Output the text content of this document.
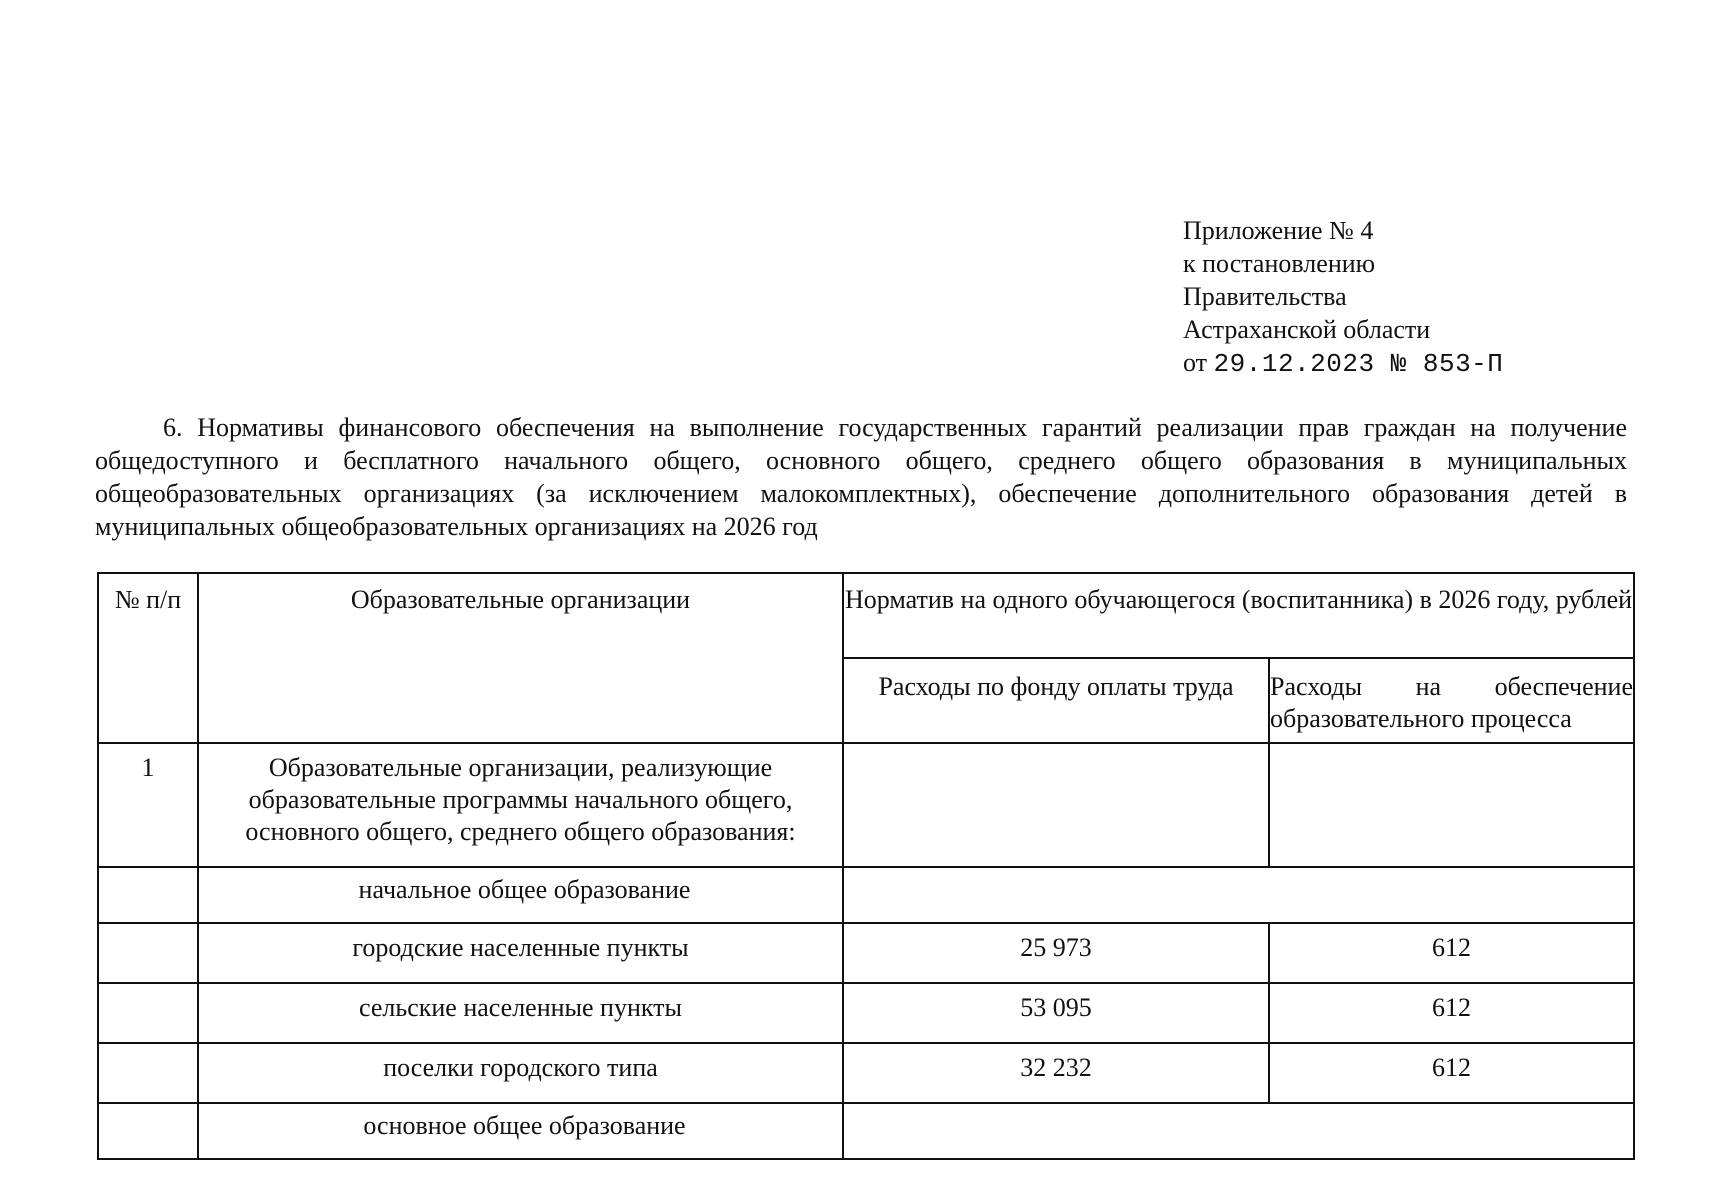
Приложение № 4
к постановлению
Правительства
Астраханской области
от 29.12.2023 № 853-П
6. Нормативы финансового обеспечения на выполнение государственных гарантий реализации прав граждан на получение общедоступного и бесплатного начального общего, основного общего, среднего общего образования в муниципальных общеобразовательных организациях (за исключением малокомплектных), обеспечение дополнительного образования детей в муниципальных общеобразовательных организациях на 2026 год
№ п/п	Образовательные организации	Норматив на одного обучающегося (воспитанника) в 2026 году, рублей	
		Расходы по фонду оплаты труда	Расходы на обеспечение
образовательного процесса

1	Образовательные организации, реализующие образовательные программы начального общего, основного общего, среднего общего образования:		
	начальное общее образование		
	городские населенные пункты	25 973	612
	сельские населенные пункты	53 095	612
	поселки городского типа	32 232	612
	основное общее образование		
